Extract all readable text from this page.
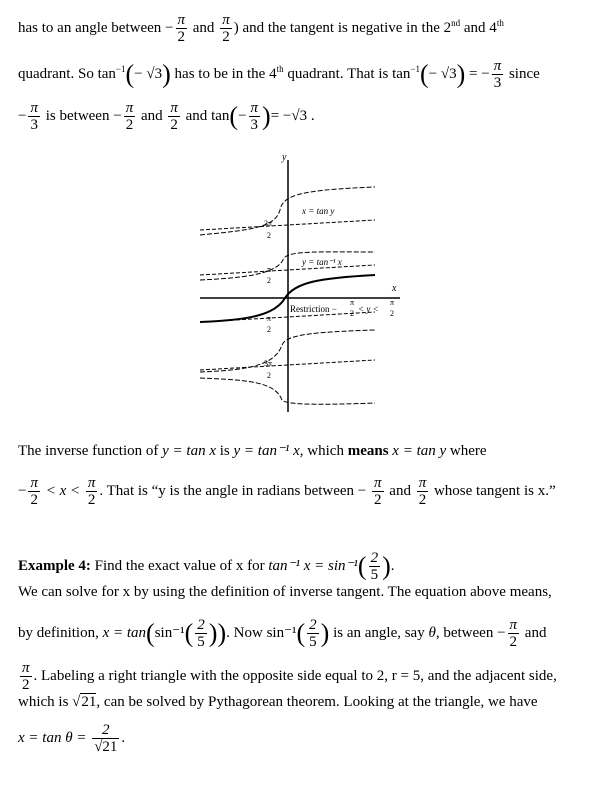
has to an angle between − $\frac{\pi}{2}$ and $\frac{\pi}{2}$ ) and the tangent is negative in the 2nd and 4th
quadrant. So $\tan^{-1}(- √3)$ has to be in the 4th quadrant. That is $\tan^{-1}(- √3)$ = − $\frac{\pi}{3}$ since
− $\frac{\pi}{3}$ is between − $\frac{\pi}{2}$ and $\frac{\pi}{2}$ and $\tan(- \frac{\pi}{3}$ )= −√3 .
y
x
x = tan y
y = tan⁻¹ x
3π
2
π
2
π
2
3π
2
Restriction −
π
2 < y <
π
2
The inverse function of y = tan x is y = tan⁻¹ x, which means x = tan y where
− $\frac{\pi}{2} < x < \frac{\pi}{2}$ . That is “y is the angle in radians between − $\frac{\pi}{2}$ and $\frac{\pi}{2}$ whose tangent is x.”
Example 4: Find the exact value of x for tan⁻¹ $x = \sin^{-1}( \frac{2}{5}$ ).
We can solve for x by using the definition of inverse tangent. The equation above means,
by definition, $x = \tan(\sin^{-1}( \frac{2}{5}$ )). Now $\sin^{-1}( \frac{2}{5}$ ) is an angle, say θ, between − $\frac{\pi}{2}$ and
$\frac{\pi}{2}$ . Labeling a right triangle with the opposite side equal to 2, r = 5, and the adjacent side,
which is √21, can be solved by Pythagorean theorem. Looking at the triangle, we have
$x = \tan \theta = \frac{2}{√21}$ .
